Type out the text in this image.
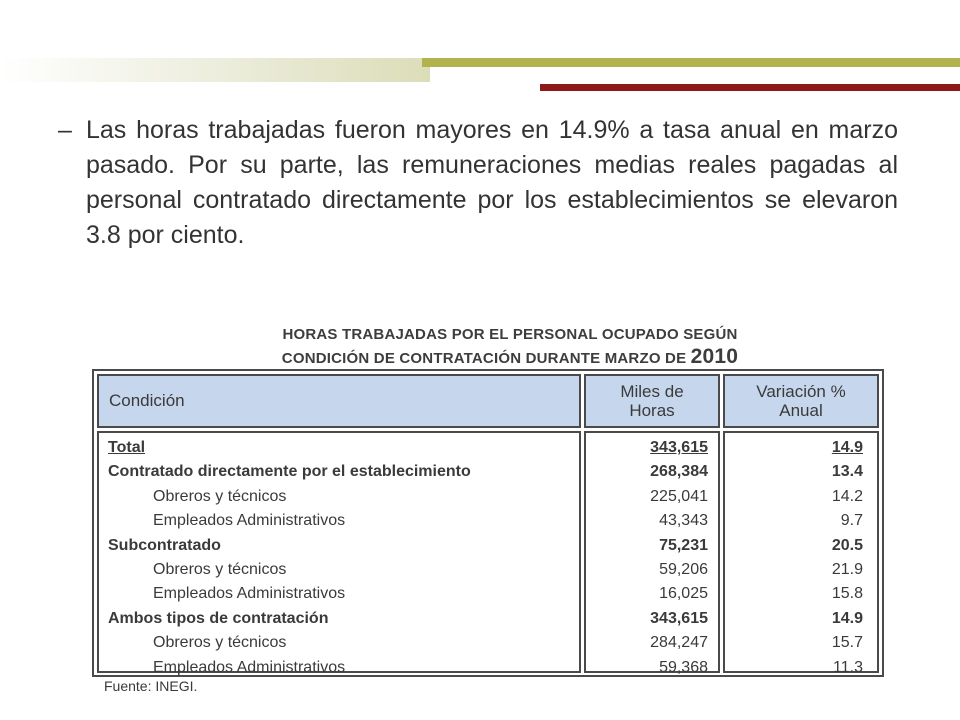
– Las horas trabajadas fueron mayores en 14.9% a tasa anual en marzo pasado. Por su parte, las remuneraciones medias reales pagadas al personal contratado directamente por los establecimientos se elevaron 3.8 por ciento.
HORAS TRABAJADAS POR EL PERSONAL OCUPADO SEGÚN
CONDICIÓN DE CONTRATACIÓN DURANTE MARZO DE 2010
Condición	Miles de
Horas
Variación %
Anual
Total
Contratado directamente por el establecimiento
Obreros y técnicos
Empleados Administrativos
Subcontratado
Obreros y técnicos
Empleados Administrativos
Ambos tipos de contratación
Obreros y técnicos
Empleados Administrativos
343,615
268,384
225,041
43,343
75,231
59,206
16,025
343,615
284,247
59,368
14.9
13.4
14.2
9.7
20.5
21.9
15.8
14.9
15.7
11.3
Fuente: INEGI.
